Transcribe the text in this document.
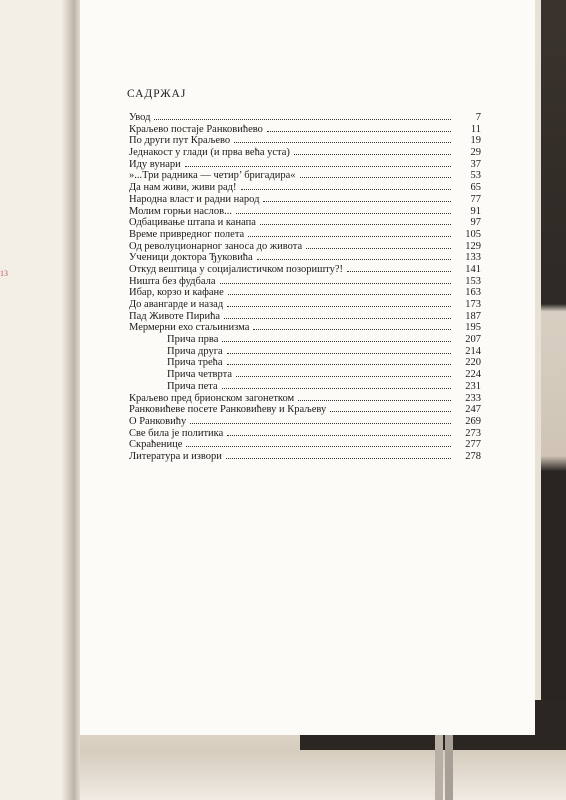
13
САДРЖАЈ
Увод	7
Краљево постаје Ранковићево	11
По други пут Краљево	19
Једнакост у глади (и прва већа уста)	29
Иду вунари	37
»...Три радника — четир’ бригадира«	53
Да нам живи, живи рад!	65
Народна власт и радни народ	77
Молим горњи наслов...	91
Одбацивање штапа и канапа	97
Време привредног полета	105
Од револуционарног заноса до живота	129
Ученици доктора Ђуковића	133
Откуд вештица у социјалистичком позоришту?!	141
Ништа без фудбала	153
Ибар, корзо и кафане	163
До авангарде и назад	173
Пад Животе Пирића	187
Мермерни ехо стаљинизма	195
Прича прва	207
Прича друга	214
Прича трећа	220
Прича четврта	224
Прича пета	231
Краљево пред брионском загонетком	233
Ранковићеве посете Ранковићеву и Краљеву	247
О Ранковићу	269
Све била је политика	273
Скраћенице	277
Литература и извори	278
